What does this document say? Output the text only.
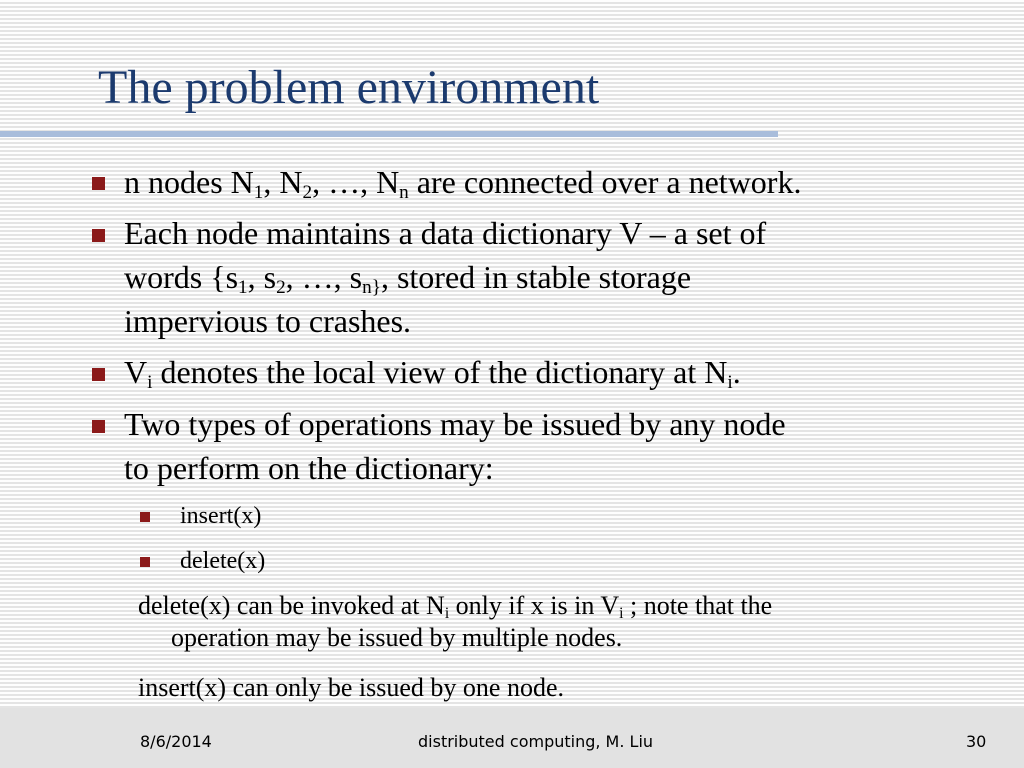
The problem environment
n nodes $N_1$, $N_2$, …, $N_n$ are connected over a network.
Each node maintains a data dictionary V – a set of
words {$s_1$, $s_2$, …, $s_{n\}}$, stored in stable storage
impervious to crashes.
$V_i$ denotes the local view of the dictionary at $N_i$.
Two types of operations may be issued by any node
to perform on the dictionary:
insert(x)
delete(x)
delete(x) can be invoked at $N_i$ only if x is in $V_i$ ; note that the
operation may be issued by multiple nodes.
insert(x) can only be issued by one node.
8/6/2014	distributed computing, M. Liu	30
